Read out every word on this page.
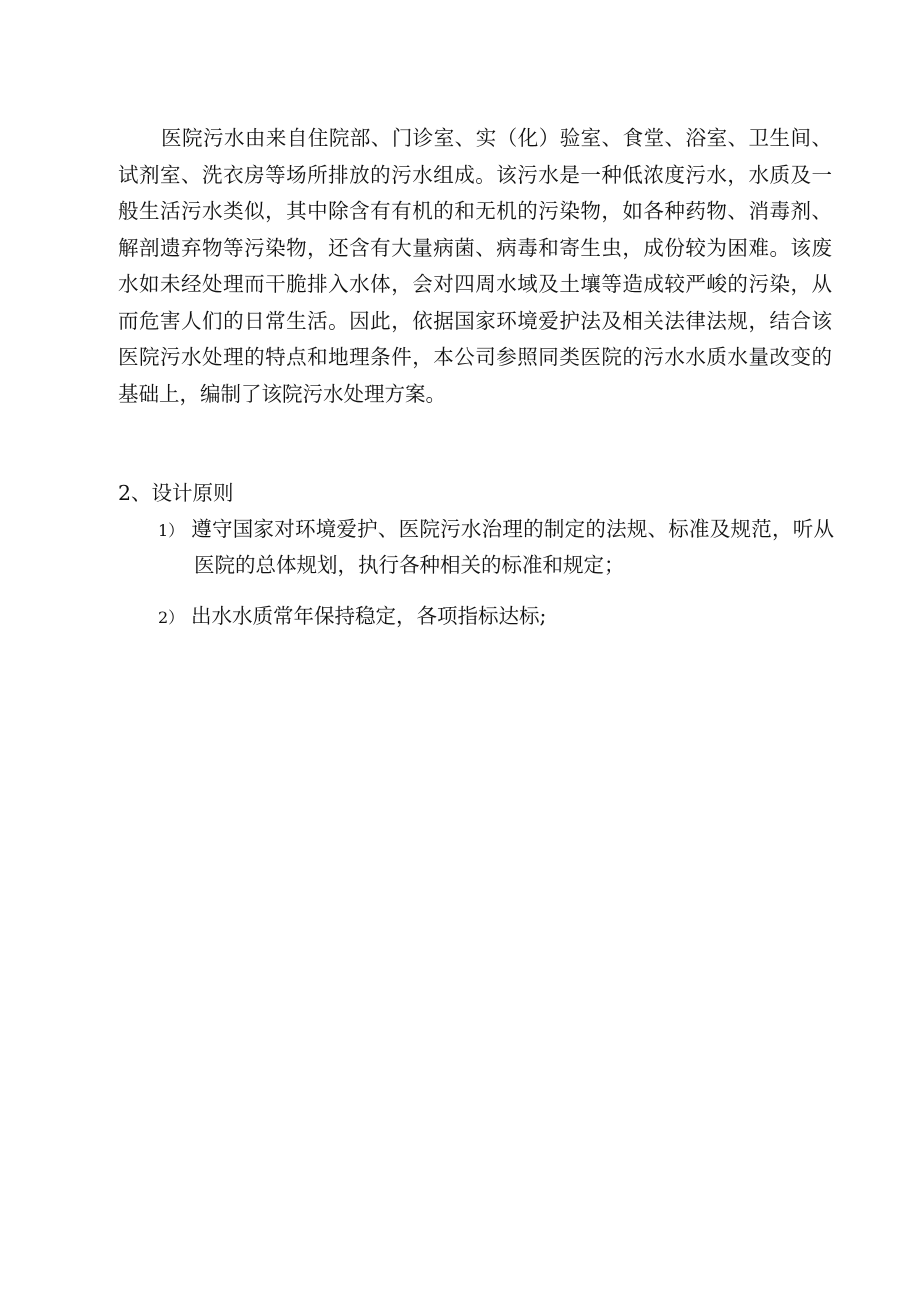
医院污水由来自住院部、门诊室、实（化）验室、食堂、浴室、卫生间、试剂室、洗衣房等场所排放的污水组成。该污水是一种低浓度污水，水质及一般生活污水类似，其中除含有有机的和无机的污染物，如各种药物、消毒剂、解剖遗弃物等污染物，还含有大量病菌、病毒和寄生虫，成份较为困难。该废水如未经处理而干脆排入水体，会对四周水域及土壤等造成较严峻的污染，从而危害人们的日常生活。因此，依据国家环境爱护法及相关法律法规，结合该医院污水处理的特点和地理条件，本公司参照同类医院的污水水质水量改变的基础上，编制了该院污水处理方案。

2、设计原则

1） 遵守国家对环境爱护、医院污水治理的制定的法规、标准及规范，听从医院的总体规划，执行各种相关的标准和规定；

2） 出水水质常年保持稳定，各项指标达标;
